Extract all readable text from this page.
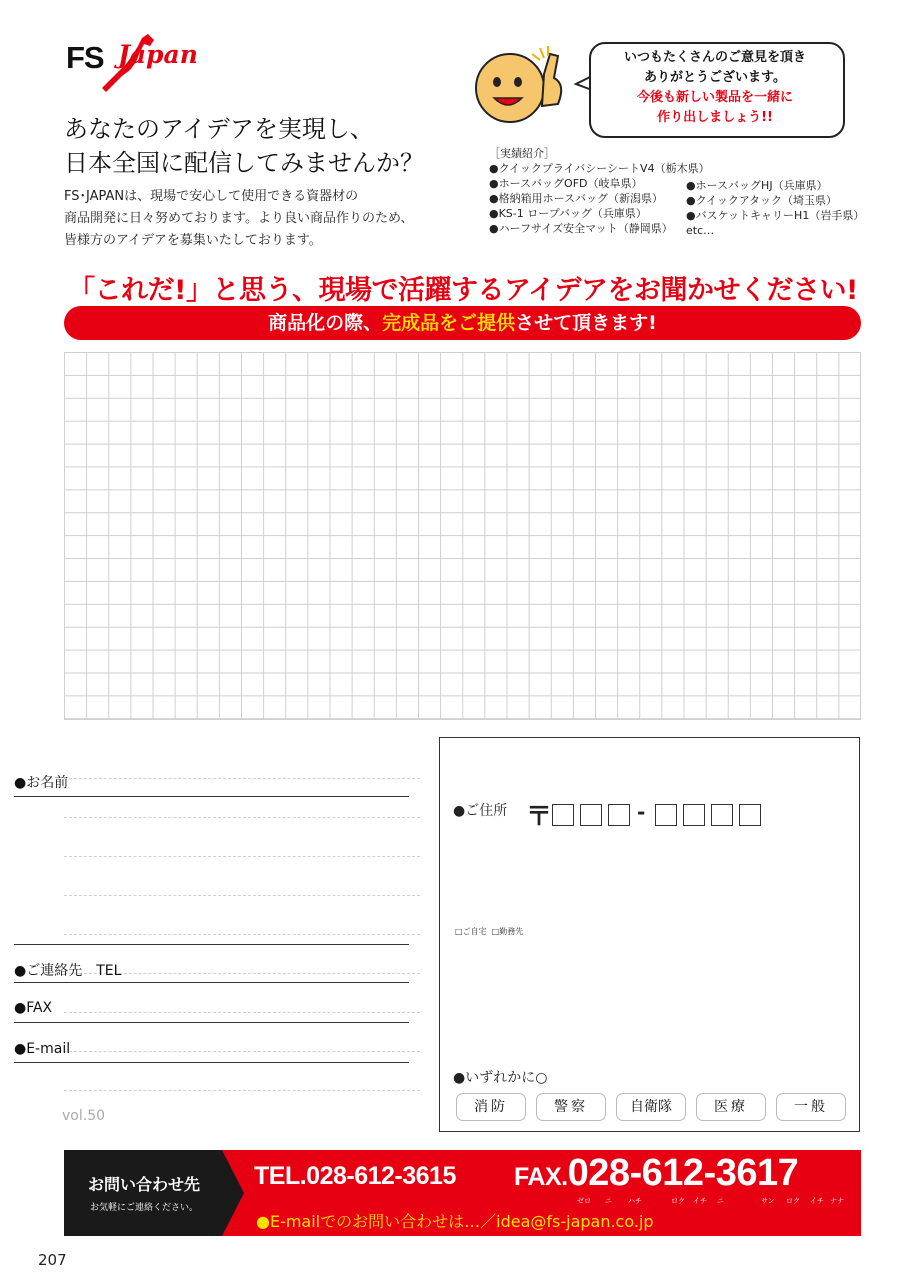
FS Japan
あなたのアイデアを実現し、
日本全国に配信してみませんか？
FS･JAPANは、現場で安心して使用できる資器材の
商品開発に日々努めております。より良い商品作りのため、
皆様方のアイデアを募集いたしております。
いつもたくさんのご意見を頂き
ありがとうございます。
今後も新しい製品を一緒に
作り出しましょう!!
［実績紹介］
●クイックプライバシーシートV4（栃木県）
●ホースバッグOFD（岐阜県）
●格納箱用ホースバッグ（新潟県）
●KS-1 ロープバッグ（兵庫県）
●ハーフサイズ安全マット（静岡県）
●ホースバッグHJ（兵庫県）
●クイックアタック（埼玉県）
●バスケットキャリーH1（岩手県）
etc…
「これだ!」と思う、現場で活躍するアイデアをお聞かせください!
商品化の際、完成品をご提供させて頂きます!
vol.50
●お名前
●ご住所 〒	-
□ご自宅 □勤務先
●ご連絡先　TEL
●FAX
●E-mail
●いずれかに○
消防	警察	自衛隊	医療	一般
お問い合わせ先
お気軽にご連絡ください。
TEL.028-612-3615 FAX.028-612-3617
ゼロ ニ ハチ	ロク イチ ニ	サン ロク イチ ナナ
●E-mailでのお問い合わせは…／idea@fs-japan.co.jp
207
